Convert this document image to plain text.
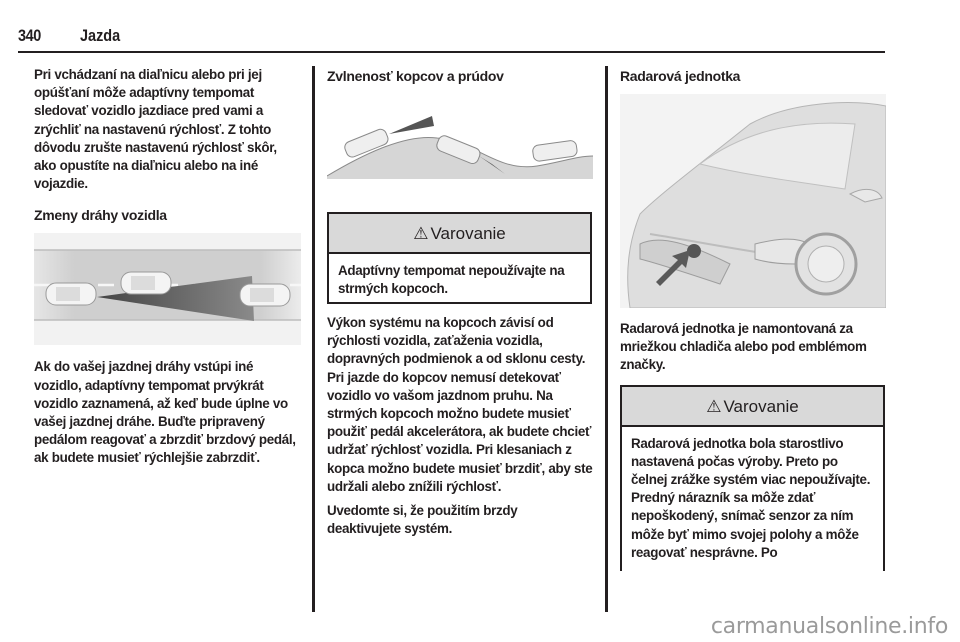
340 Jazda

Pri vchádzaní na diaľnicu alebo pri jej opúšťaní môže adaptívny tempomat sledovať vozidlo jazdiace pred vami a zrýchliť na nastavenú rýchlosť. Z tohto dôvodu zrušte nastavenú rýchlosť skôr, ako opustíte na diaľnicu alebo na iné vojazdie.

Zmeny dráhy vozidla

Ak do vašej jazdnej dráhy vstúpi iné vozidlo, adaptívny tempomat prvýkrát vozidlo zaznamená, až keď bude úplne vo vašej jazdnej dráhe. Buďte pripravený pedálom reagovať a zbrzdiť brzdový pedál, ak budete musieť rýchlejšie zabrzdiť.

Zvlnenosť kopcov a prúdov

⚠ Varovanie

Adaptívny tempomat nepoužívajte na strmých kopcoch.

Výkon systému na kopcoch závisí od rýchlosti vozidla, zaťaženia vozidla, dopravných podmienok a od sklonu cesty. Pri jazde do kopcov nemusí detekovať vozidlo vo vašom jazdnom pruhu. Na strmých kopcoch možno budete musieť použiť pedál akcelerátora, ak budete chcieť udržať rýchlosť vozidla. Pri klesaniach z kopca možno budete musieť brzdiť, aby ste udržali alebo znížili rýchlosť.

Uvedomte si, že použitím brzdy deaktivujete systém.

Radarová jednotka

Radarová jednotka je namontovaná za mriežkou chladiča alebo pod emblémom značky.

⚠ Varovanie

Radarová jednotka bola starostlivo nastavená počas výroby. Preto po čelnej zrážke systém viac nepoužívajte. Predný nárazník sa môže zdať nepoškodený, snímač senzor za ním môže byť mimo svojej polohy a môže reagovať nesprávne. Po

carmanualsonline.info
